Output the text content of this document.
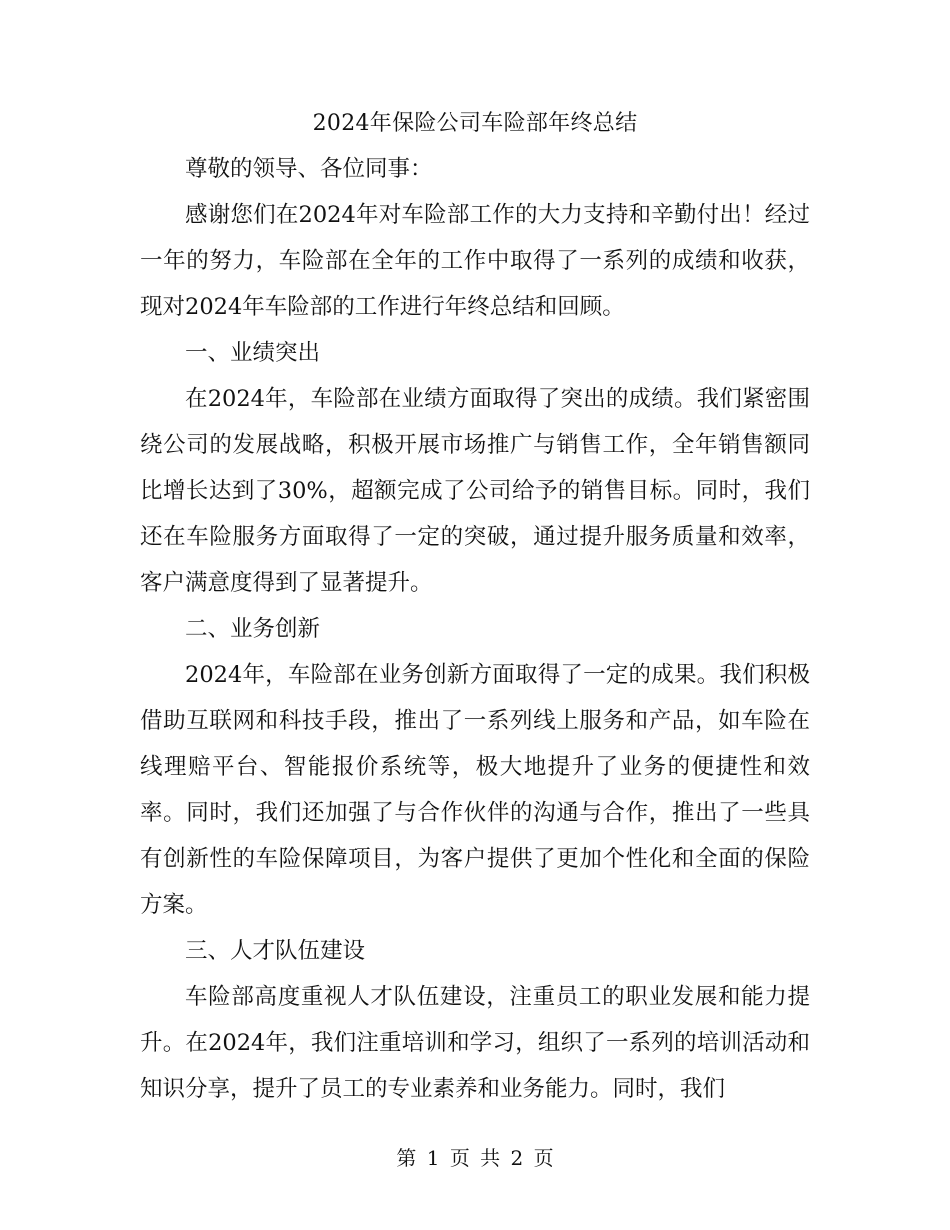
2024年保险公司车险部年终总结

尊敬的领导、各位同事：

感谢您们在2024年对车险部工作的大力支持和辛勤付出！经过一年的努力，车险部在全年的工作中取得了一系列的成绩和收获，现对2024年车险部的工作进行年终总结和回顾。

一、业绩突出

在2024年，车险部在业绩方面取得了突出的成绩。我们紧密围绕公司的发展战略，积极开展市场推广与销售工作，全年销售额同比增长达到了30%，超额完成了公司给予的销售目标。同时，我们还在车险服务方面取得了一定的突破，通过提升服务质量和效率，客户满意度得到了显著提升。

二、业务创新

2024年，车险部在业务创新方面取得了一定的成果。我们积极借助互联网和科技手段，推出了一系列线上服务和产品，如车险在线理赔平台、智能报价系统等，极大地提升了业务的便捷性和效率。同时，我们还加强了与合作伙伴的沟通与合作，推出了一些具有创新性的车险保障项目，为客户提供了更加个性化和全面的保险方案。

三、人才队伍建设

车险部高度重视人才队伍建设，注重员工的职业发展和能力提升。在2024年，我们注重培训和学习，组织了一系列的培训活动和知识分享，提升了员工的专业素养和业务能力。同时，我们

第 1 页 共 2 页
